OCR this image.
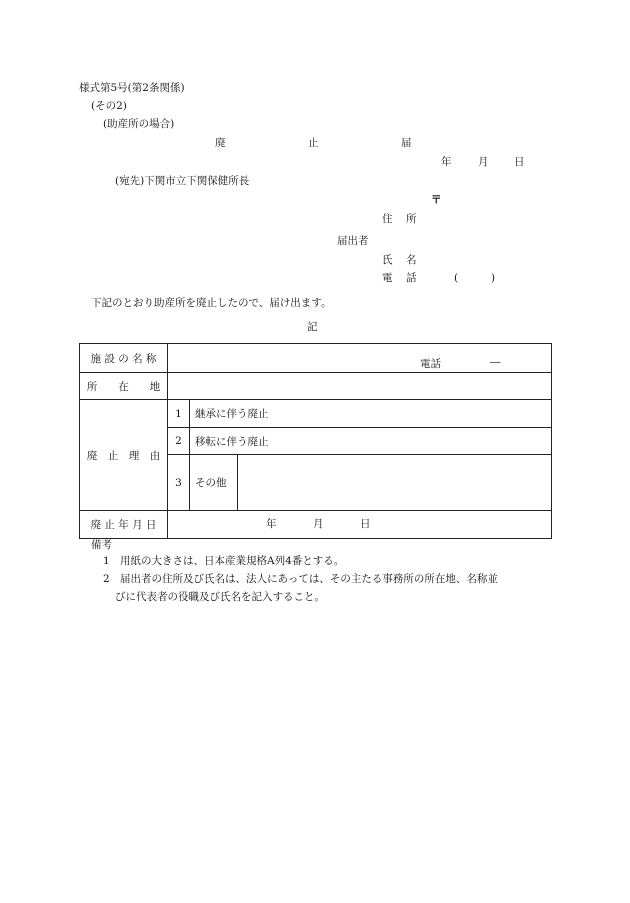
様式第5号(第2条関係)
(その2)
(助産所の場合)
廃	止	届
年	月 日
(宛先)下関市立下関保健所長
〒
住 所
届出者
氏 名
電 話	(	)
下記のとおり助産所を廃止したので、届け出ます。
記
施 設 の 名 称	電話 ―		

所　　在　　地			
廃　止　理　由	1	継承に伴う廃止	
	2	移転に伴う廃止	
	3	その他	
廃 止 年 月 日	年 月 日		
備考
1 用紙の大きさは、日本産業規格A列4番とする。
2 届出者の住所及び氏名は、法人にあっては、その主たる事務所の所在地、名称並
びに代表者の役職及び氏名を記入すること。
